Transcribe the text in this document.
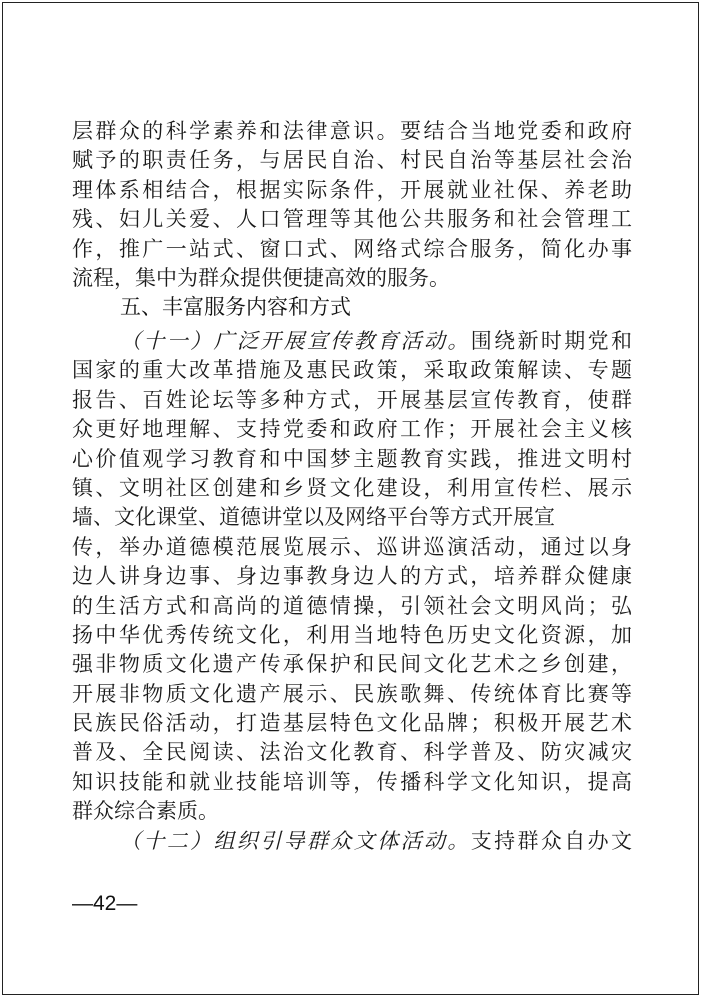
层群众的科学素养和法律意识。要结合当地党委和政府
赋予的职责任务，与居民自治、村民自治等基层社会治
理体系相结合，根据实际条件，开展就业社保、养老助
残、妇儿关爱、人口管理等其他公共服务和社会管理工
作，推广一站式、窗口式、网络式综合服务，简化办事
流程，集中为群众提供便捷高效的服务。
五、丰富服务内容和方式
（十一）广泛开展宣传教育活动。围绕新时期党和
国家的重大改革措施及惠民政策，采取政策解读、专题
报告、百姓论坛等多种方式，开展基层宣传教育，使群
众更好地理解、支持党委和政府工作；开展社会主义核
心价值观学习教育和中国梦主题教育实践，推进文明村
镇、文明社区创建和乡贤文化建设，利用宣传栏、展示
墙、文化课堂、道德讲堂以及网络平台等方式开展宣
传，举办道德模范展览展示、巡讲巡演活动，通过以身
边人讲身边事、身边事教身边人的方式，培养群众健康
的生活方式和高尚的道德情操，引领社会文明风尚；弘
扬中华优秀传统文化，利用当地特色历史文化资源，加
强非物质文化遗产传承保护和民间文化艺术之乡创建，
开展非物质文化遗产展示、民族歌舞、传统体育比赛等
民族民俗活动，打造基层特色文化品牌；积极开展艺术
普及、全民阅读、法治文化教育、科学普及、防灾减灾
知识技能和就业技能培训等，传播科学文化知识，提高
群众综合素质。
（十二）组织引导群众文体活动。支持群众自办文
—42—
